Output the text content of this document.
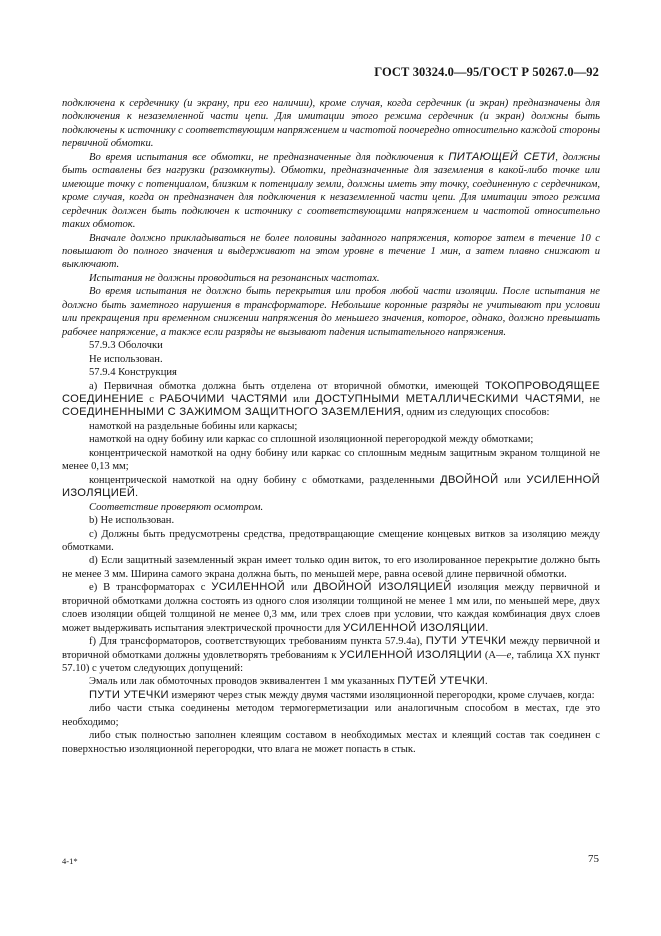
ГОСТ 30324.0—95/ГОСТ Р 50267.0—92

подключена к сердечнику (и экрану, при его наличии), кроме случая, когда сердечник (и экран) предназначены для подключения к незаземленной части цепи. Для имитации этого режима сердечник (и экран) должны быть подключены к источнику с соответствующим напряжением и частотой поочередно относительно каждой стороны первичной обмотки.

Во время испытания все обмотки, не предназначенные для подключения к ПИТАЮЩЕЙ СЕТИ, должны быть оставлены без нагрузки (разомкнуты). Обмотки, предназначенные для заземления в какой-либо точке или имеющие точку с потенциалом, близким к потенциалу земли, должны иметь эту точку, соединенную с сердечником, кроме случая, когда он предназначен для подключения к незаземленной части цепи. Для имитации этого режима сердечник должен быть подключен к источнику с соответствующими напряжением и частотой относительно таких обмоток.

Вначале должно прикладываться не более половины заданного напряжения, которое затем в течение 10 с повышают до полного значения и выдерживают на этом уровне в течение 1 мин, а затем плавно снижают и выключают.

Испытания не должны проводиться на резонансных частотах.

Во время испытания не должно быть перекрытия или пробоя любой части изоляции. После испытания не должно быть заметного нарушения в трансформаторе. Небольшие коронные разряды не учитывают при условии или прекращения при временном снижении напряжения до меньшего значения, которое, однако, должно превышать рабочее напряжение, а также если разряды не вызывают падения испытательного напряжения.

57.9.3 Оболочки

Не использован.

57.9.4 Конструкция

а) Первичная обмотка должна быть отделена от вторичной обмотки, имеющей ТОКОПРОВОДЯЩЕЕ СОЕДИНЕНИЕ с РАБОЧИМИ ЧАСТЯМИ или ДОСТУПНЫМИ МЕТАЛЛИЧЕСКИМИ ЧАСТЯМИ, не СОЕДИНЕННЫМИ С ЗАЖИМОМ ЗАЩИТНОГО ЗАЗЕМЛЕНИЯ, одним из следующих способов:

намоткой на раздельные бобины или каркасы;

намоткой на одну бобину или каркас со сплошной изоляционной перегородкой между обмотками;

концентрической намоткой на одну бобину или каркас со сплошным медным защитным экраном толщиной не менее 0,13 мм;

концентрической намоткой на одну бобину с обмотками, разделенными ДВОЙНОЙ или УСИЛЕННОЙ ИЗОЛЯЦИЕЙ.

Соответствие проверяют осмотром.

b) Не использован.

с) Должны быть предусмотрены средства, предотвращающие смещение концевых витков за изоляцию между обмотками.

d) Если защитный заземленный экран имеет только один виток, то его изолированное перекрытие должно быть не менее 3 мм. Ширина самого экрана должна быть, по меньшей мере, равна осевой длине первичной обмотки.

е) В трансформаторах с УСИЛЕННОЙ или ДВОЙНОЙ ИЗОЛЯЦИЕЙ изоляция между первичной и вторичной обмотками должна состоять из одного слоя изоляции толщиной не менее 1 мм или, по меньшей мере, двух слоев изоляции общей толщиной не менее 0,3 мм, или трех слоев при условии, что каждая комбинация двух слоев может выдерживать испытания электрической прочности для УСИЛЕННОЙ ИЗОЛЯЦИИ.

f) Для трансформаторов, соответствующих требованиям пункта 57.9.4а), ПУТИ УТЕЧКИ между первичной и вторичной обмотками должны удовлетворять требованиям к УСИЛЕННОЙ ИЗОЛЯЦИИ (А—е, таблица XX пункт 57.10) с учетом следующих допущений:

Эмаль или лак обмоточных проводов эквивалентен 1 мм указанных ПУТЕЙ УТЕЧКИ.

ПУТИ УТЕЧКИ измеряют через стык между двумя частями изоляционной перегородки, кроме случаев, когда:

либо части стыка соединены методом термогерметизации или аналогичным способом в местах, где это необходимо;

либо стык полностью заполнен клеящим составом в необходимых местах и клеящий состав так соединен с поверхностью изоляционной перегородки, что влага не может попасть в стык.

4-1*	75
